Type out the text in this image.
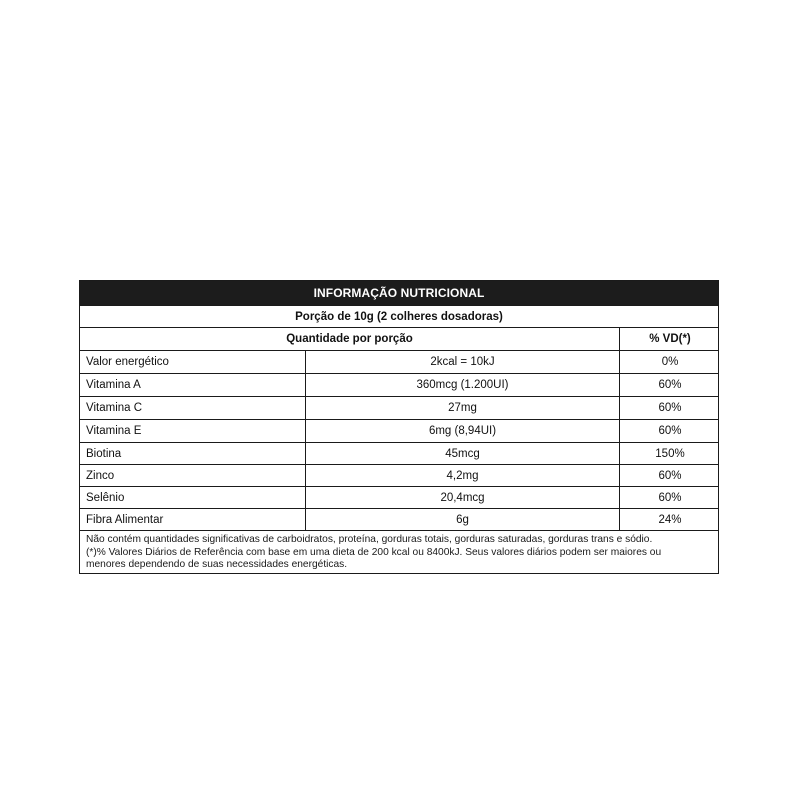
INFORMAÇÃO NUTRICIONAL
Porção de 10g (2 colheres dosadoras)
Quantidade por porção	% VD(*)
Valor energético	2kcal = 10kJ	0%
Vitamina A	360mcg (1.200UI)	60%
Vitamina C	27mg	60%
Vitamina E	6mg (8,94UI)	60%
Biotina	45mcg	150%
Zinco	4,2mg	60%
Selênio	20,4mcg	60%
Fibra Alimentar	6g	24%
Não contém quantidades significativas de carboidratos, proteína, gorduras totais, gorduras saturadas, gorduras trans e sódio.
(*)% Valores Diários de Referência com base em uma dieta de 200 kcal ou 8400kJ. Seus valores diários podem ser maiores ou
menores dependendo de suas necessidades energéticas.
